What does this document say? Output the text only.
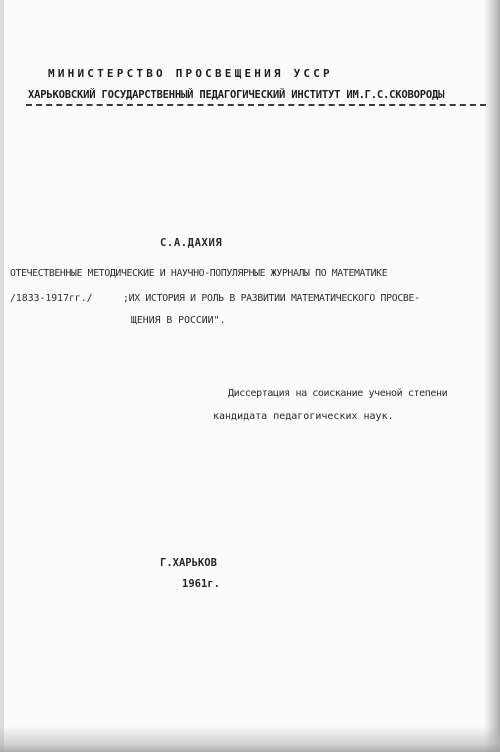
МИНИСТЕРСТВО ПРОСВЕЩЕНИЯ УССР
ХАРЬКОВСКИЙ ГОСУДАРСТВЕННЫЙ ПЕДАГОГИЧЕСКИЙ ИНСТИТУТ ИМ.Г.С.СКОВОРОДЫ
С.А.ДАХИЯ
ОТЕЧЕСТВЕННЫЕ МЕТОДИЧЕСКИЕ И НАУЧНО-ПОПУЛЯРНЫЕ ЖУРНАЛЫ ПО МАТЕМАТИКЕ
/1833-1917гг./	;ИХ ИСТОРИЯ И РОЛЬ В РАЗВИТИИ МАТЕМАТИЧЕСКОГО ПРОСВЕ-
ЩЕНИЯ В РОССИИ".
Диссертация на соискание ученой степени
кандидата педагогических наук.
Г.ХАРЬКОВ
1961г.
